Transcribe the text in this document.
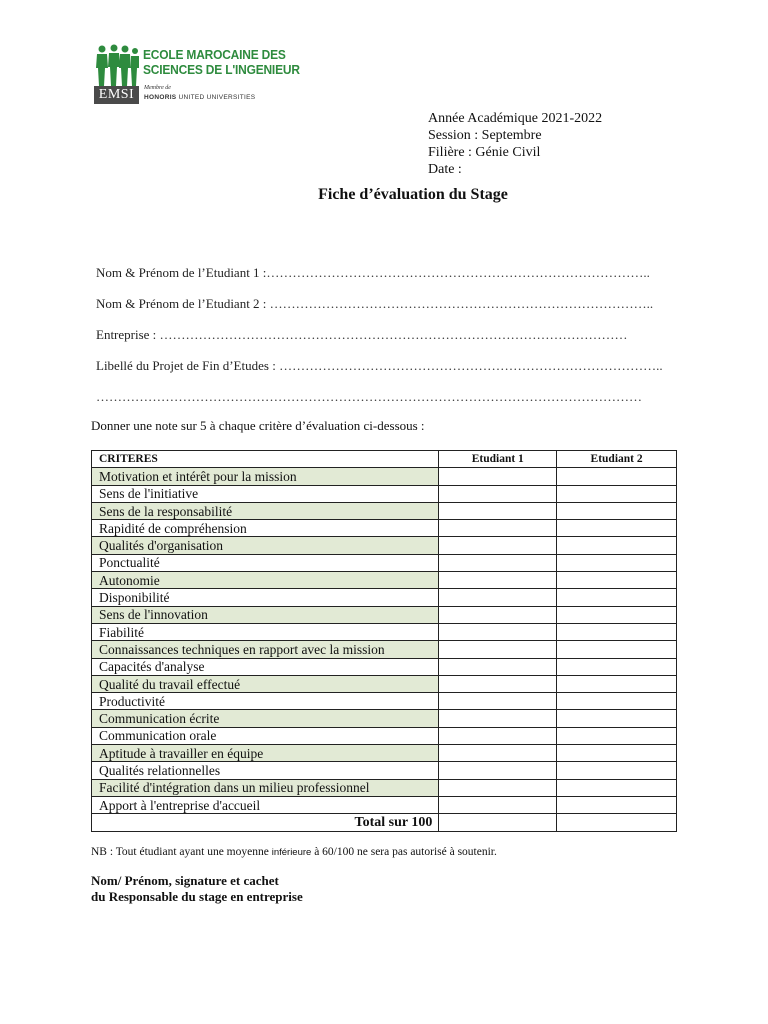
EMSI
ECOLE MAROCAINE DES
SCIENCES DE L'INGENIEUR
Membre de
HONORIS UNITED UNIVERSITIES
Année Académique 2021-2022
Session : Septembre
Filière : Génie Civil
Date :
Fiche d’évaluation du Stage
Nom & Prénom de l’Etudiant 1 :……………………………………………………………………………..
Nom & Prénom de l’Etudiant 2 : ……………………………………………………………………………..
Entreprise : ………………………………………………………………………………………………
Libellé du Projet de Fin d’Etudes : ……………………………………………………………………………..
………………………………………………………………………………………………………………
Donner une note sur 5 à chaque critère d’évaluation ci-dessous :
CRITERES	Etudiant 1	Etudiant 2
Motivation et intérêt pour la mission		
Sens de l'initiative		
Sens de la responsabilité		
Rapidité de compréhension		
Qualités d'organisation		
Ponctualité		
Autonomie		
Disponibilité		
Sens de l'innovation		
Fiabilité		
Connaissances techniques en rapport avec la mission		
Capacités d'analyse		
Qualité du travail effectué		
Productivité		
Communication écrite		
Communication orale		
Aptitude à travailler en équipe		
Qualités relationnelles		
Facilité d'intégration dans un milieu professionnel		
Apport à l'entreprise d'accueil		
Total sur 100		
NB : Tout étudiant ayant une moyenne inférieure à 60/100 ne sera pas autorisé à soutenir.
Nom/ Prénom, signature et cachet
du Responsable du stage en entreprise
